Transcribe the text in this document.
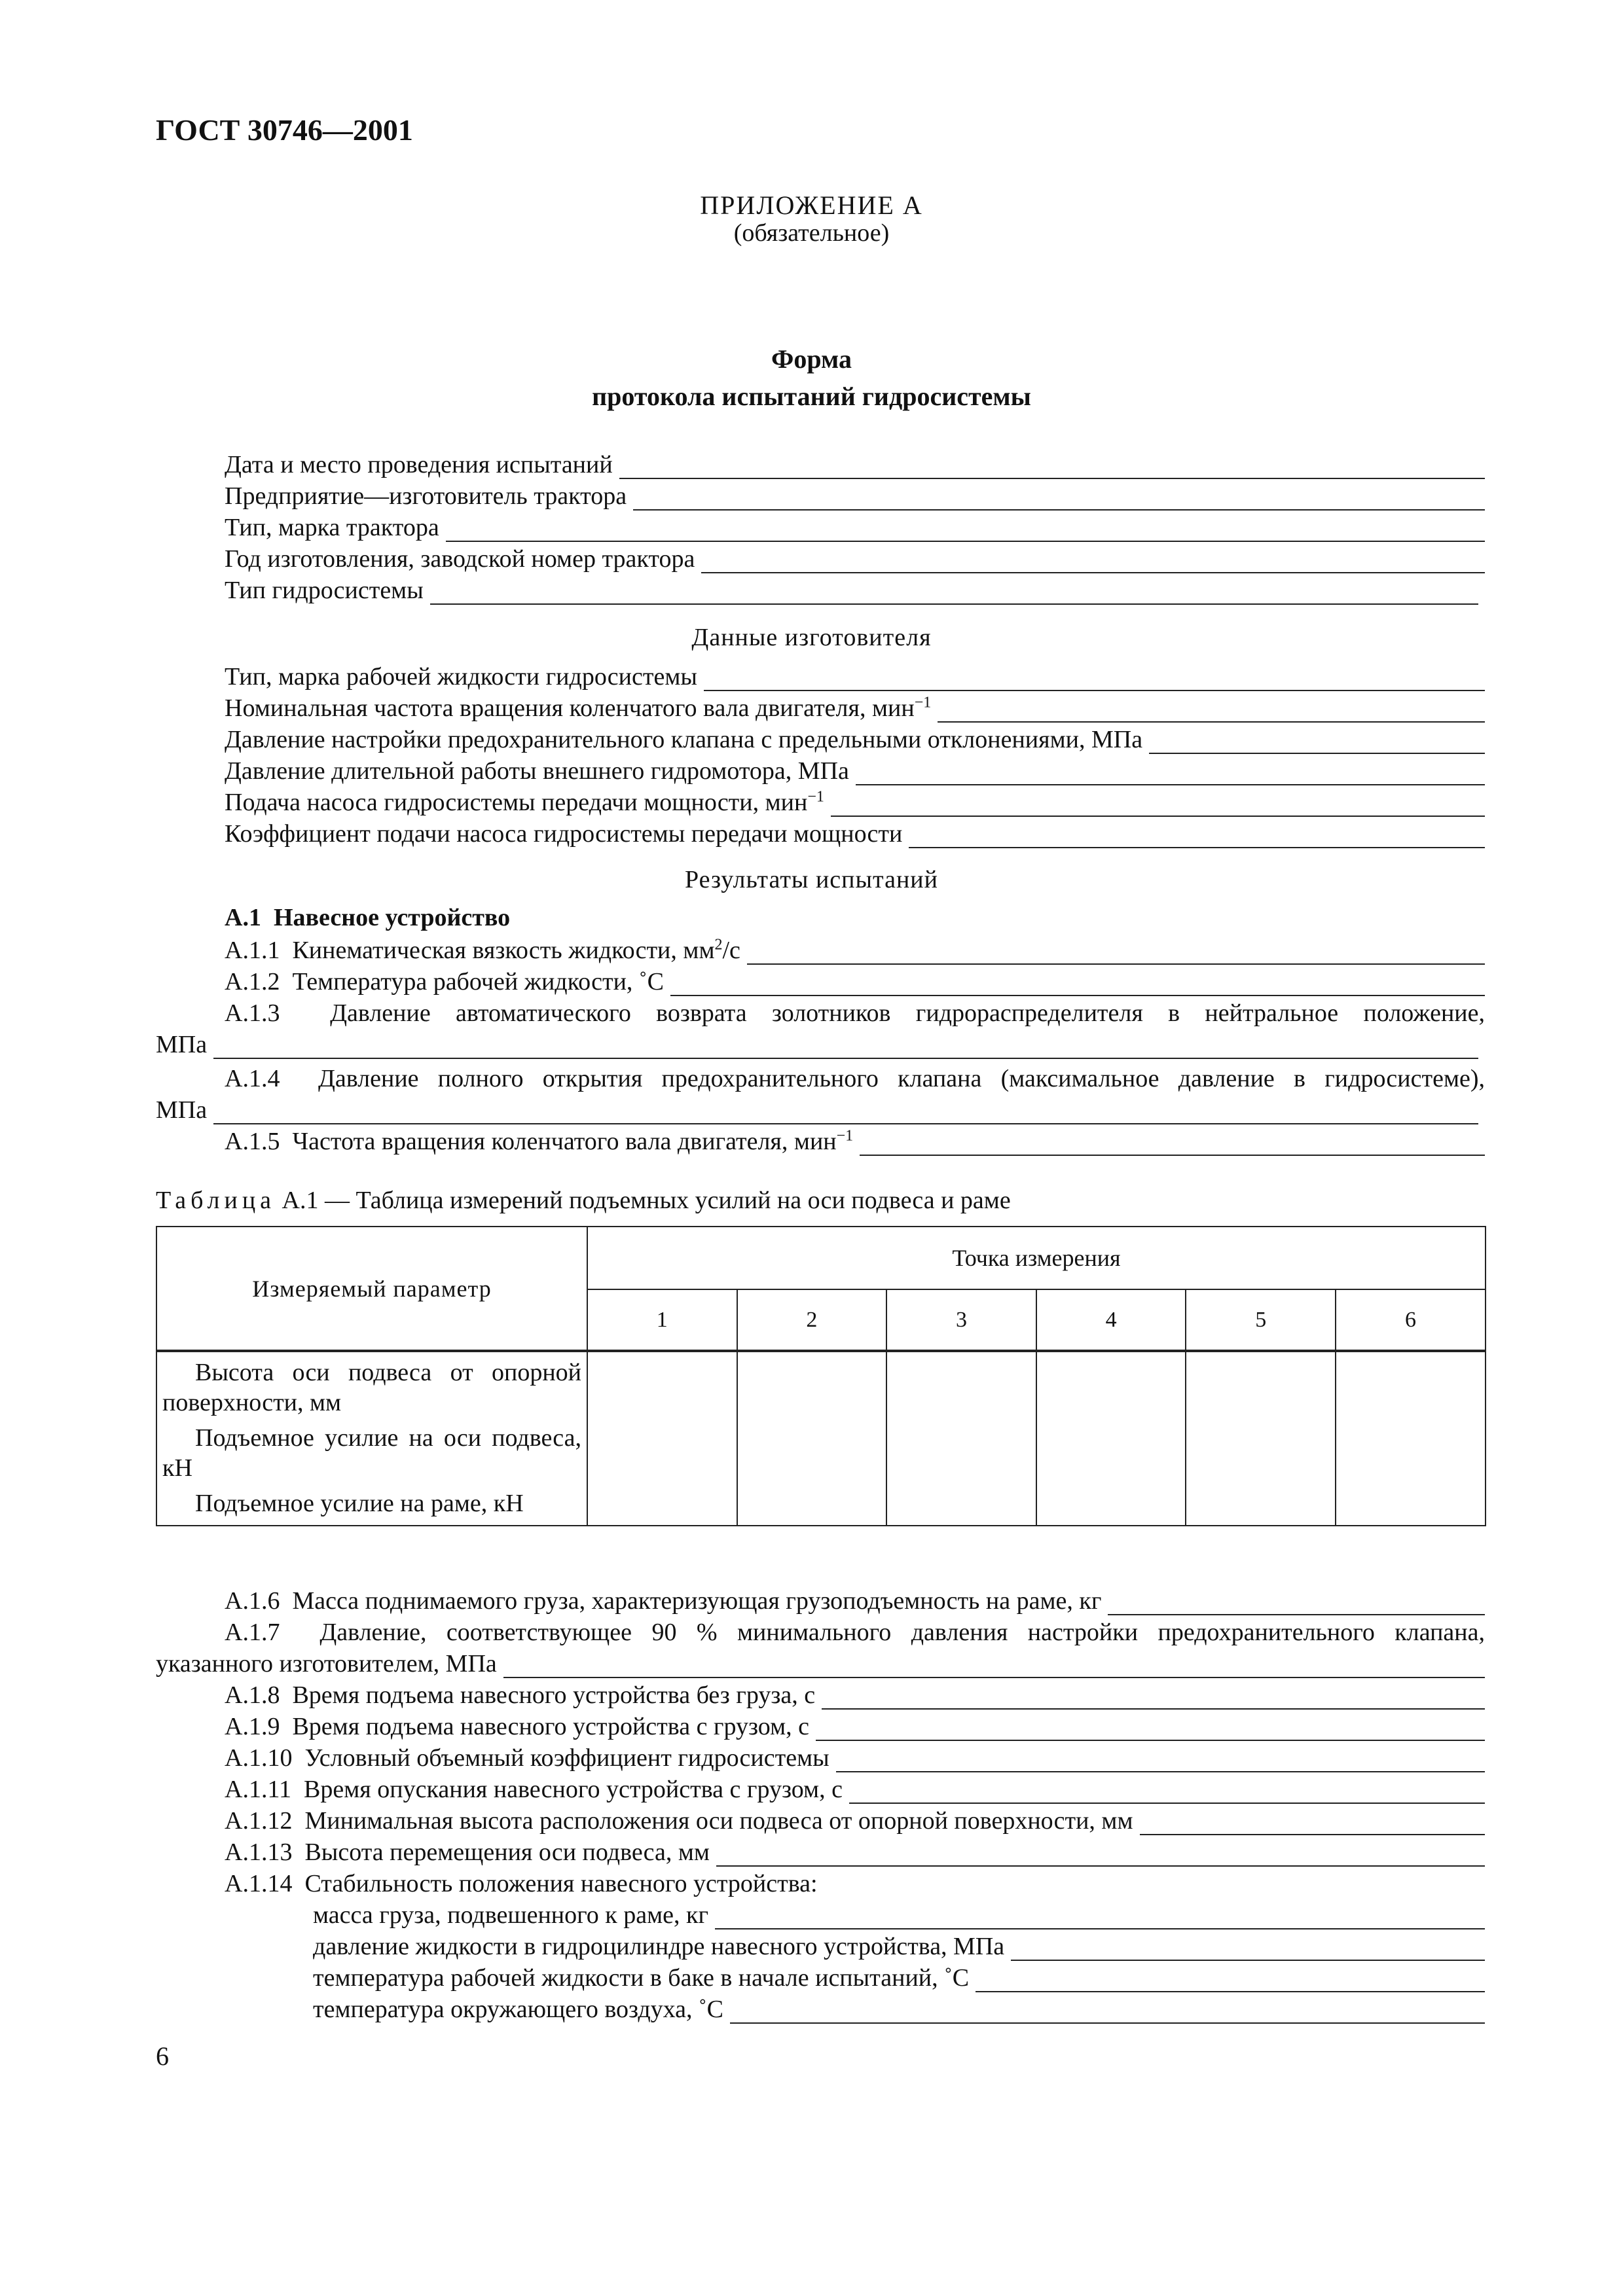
ГОСТ 30746—2001
ПРИЛОЖЕНИЕ А
(обязательное)
Форма
протокола испытаний гидросистемы
Дата и место проведения испытаний
Предприятие—изготовитель трактора
Тип, марка трактора
Год изготовления, заводской номер трактора
Тип гидросистемы
Данные изготовителя
Тип, марка рабочей жидкости гидросистемы
Номинальная частота вращения коленчатого вала двигателя, мин$^{-1}$
Давление настройки предохранительного клапана с предельными отклонениями, МПа
Давление длительной работы внешнего гидромотора, МПа
Подача насоса гидросистемы передачи мощности, мин$^{-1}$
Коэффициент подачи насоса гидросистемы передачи мощности
Результаты испытаний
А.1 Навесное устройство
А.1.1 Кинематическая вязкость жидкости, $мм^2/с$
А.1.2 Температура рабочей жидкости, ˚С
А.1.3 Давление автоматического возврата золотников гидрораспределителя в нейтральное положение,
МПа
А.1.4 Давление полного открытия предохранительного клапана (максимальное давление в гидросистеме),
МПа
А.1.5 Частота вращения коленчатого вала двигателя, мин$^{-1}$
Таблица А.1 — Таблица измерений подъемных усилий на оси подвеса и раме
Измеряемый параметр	Точка измерения					
	1	2	3	4	5	6

Высота оси подвеса от опорной поверхности, мм
Подъемное усилие на оси подвеса, кН
Подъемное усилие на раме, кН						

А.1.6 Масса поднимаемого груза, характеризующая грузоподъемность на раме, кг
А.1.7 Давление, соответствующее 90 % минимального давления настройки предохранительного клапана,
указанного изготовителем, МПа
А.1.8 Время подъема навесного устройства без груза, с
А.1.9 Время подъема навесного устройства с грузом, с
А.1.10 Условный объемный коэффициент гидросистемы
А.1.11 Время опускания навесного устройства с грузом, с
А.1.12 Минимальная высота расположения оси подвеса от опорной поверхности, мм
А.1.13 Высота перемещения оси подвеса, мм
А.1.14 Стабильность положения навесного устройства:
масса груза, подвешенного к раме, кг
давление жидкости в гидроцилиндре навесного устройства, МПа
температура рабочей жидкости в баке в начале испытаний, ˚С
температура окружающего воздуха, ˚С
6
